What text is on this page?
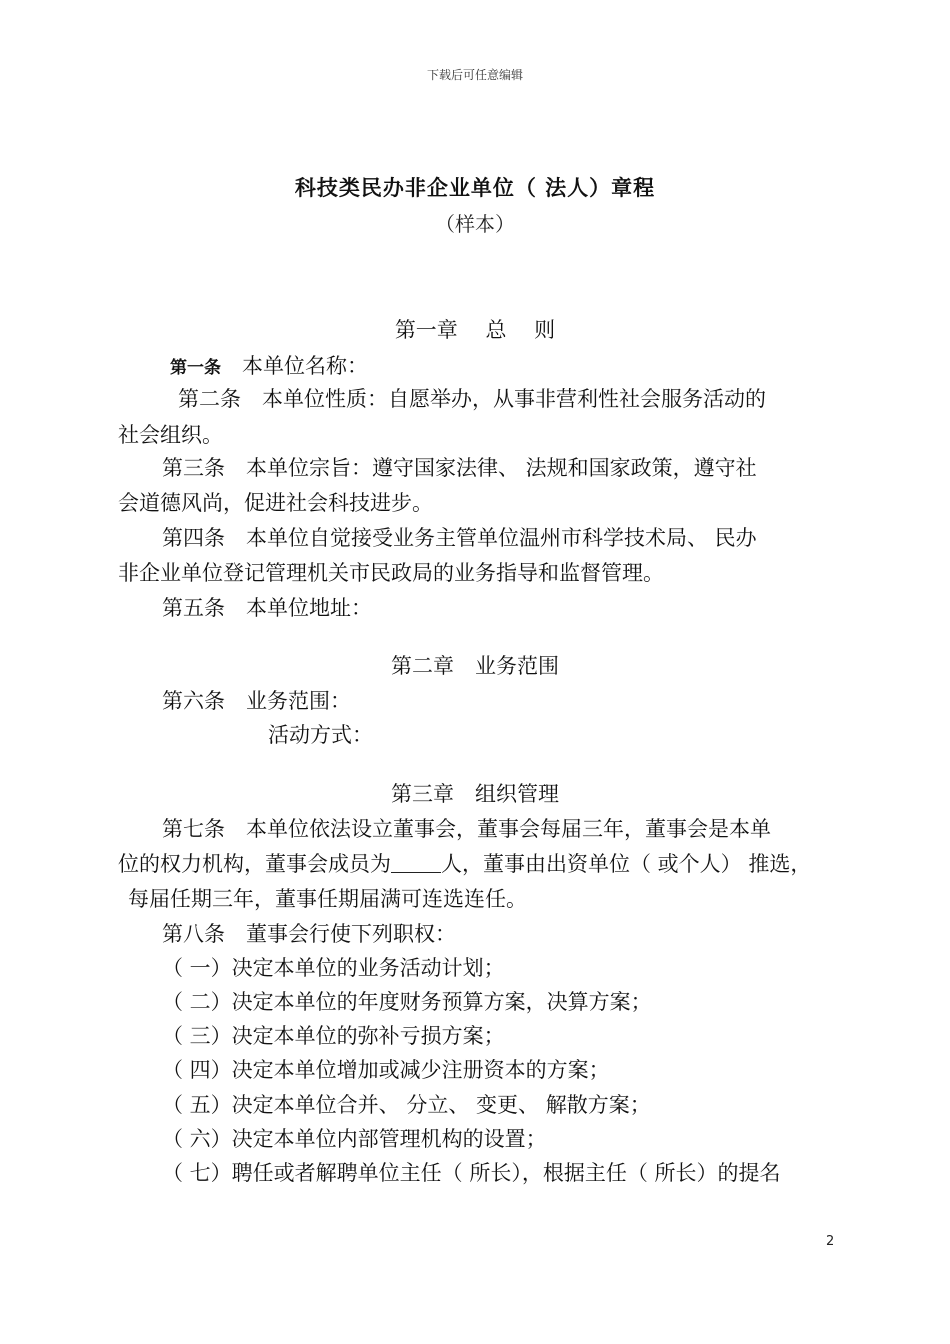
下载后可任意编辑
科技类民办非企业单位（ 法人）章程
（样本）
第一章　 总　 则
第一条　本单位名称：
第二条　本单位性质：自愿举办，从事非营利性社会服务活动的
社会组织。
第三条　本单位宗旨：遵守国家法律、 法规和国家政策，遵守社
会道德风尚，促进社会科技进步。
第四条　本单位自觉接受业务主管单位温州市科学技术局、 民办
非企业单位登记管理机关市民政局的业务指导和监督管理。
第五条　本单位地址：
第二章　业务范围
第六条　业务范围：
活动方式：
第三章　组织管理
第七条　本单位依法设立董事会，董事会每届三年，董事会是本单
位的权力机构，董事会成员为 人，董事由出资单位（ 或个人） 推选，
每届任期三年，董事任期届满可连选连任。
第八条　董事会行使下列职权：
（ 一）决定本单位的业务活动计划；
（ 二）决定本单位的年度财务预算方案，决算方案；
（ 三）决定本单位的弥补亏损方案；
（ 四）决定本单位增加或减少注册资本的方案；
（ 五）决定本单位合并、 分立、 变更、 解散方案；
（ 六）决定本单位内部管理机构的设置；
（ 七）聘任或者解聘单位主任（ 所长），根据主任（ 所长）的提名
2
